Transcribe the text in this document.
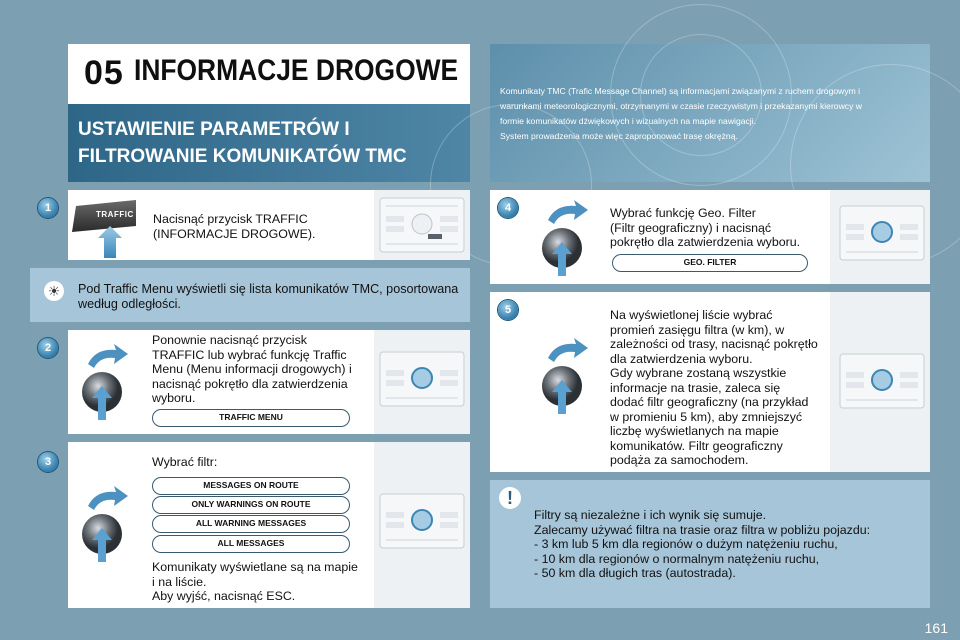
05 INFORMACJE DROGOWE
USTAWIENIE PARAMETRÓW I
FILTROWANIE KOMUNIKATÓW TMC
Komunikaty TMC (Trafic Message Channel) są informacjami związanymi z ruchem drogowym i
warunkami meteorologicznymi, otrzymanymi w czasie rzeczywistym i przekazanymi kierowcy w
formie komunikatów dźwiękowych i wizualnych na mapie nawigacji.
System prowadzenia może więc zaproponować trasę okrężną.
1
TRAFFIC Nacisnąć przycisk TRAFFIC
(INFORMACJE DROGOWE).
☀ Pod Traffic Menu wyświetli się lista komunikatów TMC, posortowana
według odległości.
2
Ponownie nacisnąć przycisk
TRAFFIC lub wybrać funkcję Traffic
Menu (Menu informacji drogowych) i
nacisnąć pokrętło dla zatwierdzenia
wyboru.
TRAFFIC MENU
3	Wybrać filtr:
MESSAGES ON ROUTE
ONLY WARNINGS ON ROUTE
ALL WARNING MESSAGES
ALL MESSAGES
Komunikaty wyświetlane są na mapie
i na liście.
Aby wyjść, nacisnąć ESC.
4	Wybrać funkcję Geo. Filter
(Filtr geograficzny) i nacisnąć
pokrętło dla zatwierdzenia wyboru.
GEO. FILTER
5	Na wyświetlonej liście wybrać
promień zasięgu filtra (w km), w
zależności od trasy, nacisnąć pokrętło
dla zatwierdzenia wyboru.
Gdy wybrane zostaną wszystkie
informacje na trasie, zaleca się
dodać filtr geograficzny (na przykład
w promieniu 5 km), aby zmniejszyć
liczbę wyświetlanych na mapie
komunikatów. Filtr geograficzny
podąża za samochodem.
!
Filtry są niezależne i ich wynik się sumuje.
Zalecamy używać filtra na trasie oraz filtra w pobliżu pojazdu:
- 3 km lub 5 km dla regionów o dużym natężeniu ruchu,
- 10 km dla regionów o normalnym natężeniu ruchu,
- 50 km dla długich tras (autostrada).
161
